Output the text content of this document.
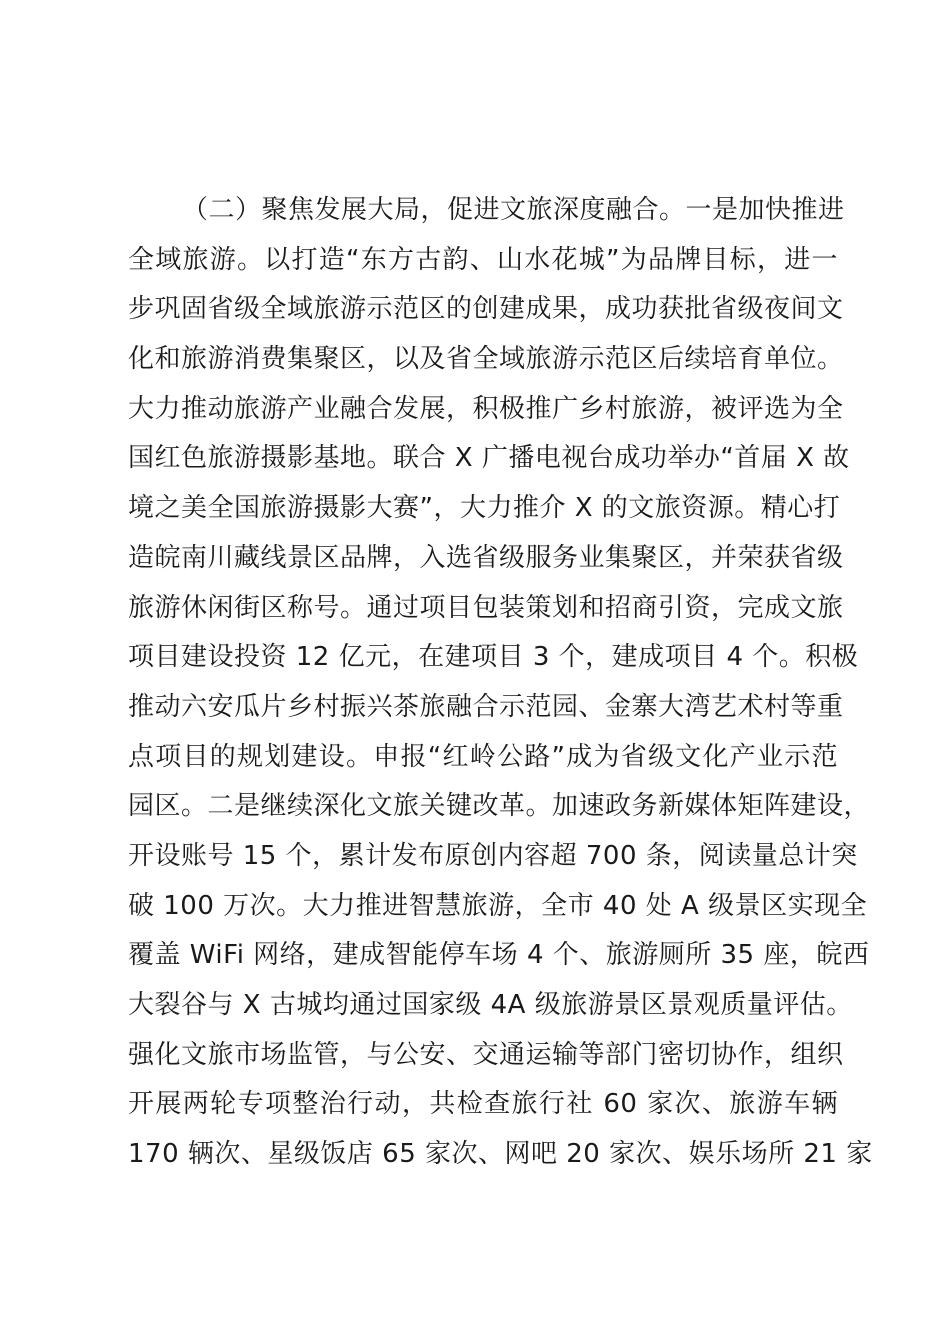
（二）聚焦发展大局，促进文旅深度融合。一是加快推进
全域旅游。以打造“东方古韵、山水花城”为品牌目标，进一
步巩固省级全域旅游示范区的创建成果，成功获批省级夜间文
化和旅游消费集聚区，以及省全域旅游示范区后续培育单位。
大力推动旅游产业融合发展，积极推广乡村旅游，被评选为全
国红色旅游摄影基地。联合 X 广播电视台成功举办“首届 X 故
境之美全国旅游摄影大赛”，大力推介 X 的文旅资源。精心打
造皖南川藏线景区品牌，入选省级服务业集聚区，并荣获省级
旅游休闲街区称号。通过项目包装策划和招商引资，完成文旅
项目建设投资 12 亿元，在建项目 3 个，建成项目 4 个。积极
推动六安瓜片乡村振兴茶旅融合示范园、金寨大湾艺术村等重
点项目的规划建设。申报“红岭公路”成为省级文化产业示范
园区。二是继续深化文旅关键改革。加速政务新媒体矩阵建设，
开设账号 15 个，累计发布原创内容超 700 条，阅读量总计突
破 100 万次。大力推进智慧旅游，全市 40 处 A 级景区实现全
覆盖 WiFi 网络，建成智能停车场 4 个、旅游厕所 35 座，皖西
大裂谷与 X 古城均通过国家级 4A 级旅游景区景观质量评估。
强化文旅市场监管，与公安、交通运输等部门密切协作，组织
开展两轮专项整治行动，共检查旅行社 60 家次、旅游车辆
170 辆次、星级饭店 65 家次、网吧 20 家次、娱乐场所 21 家
